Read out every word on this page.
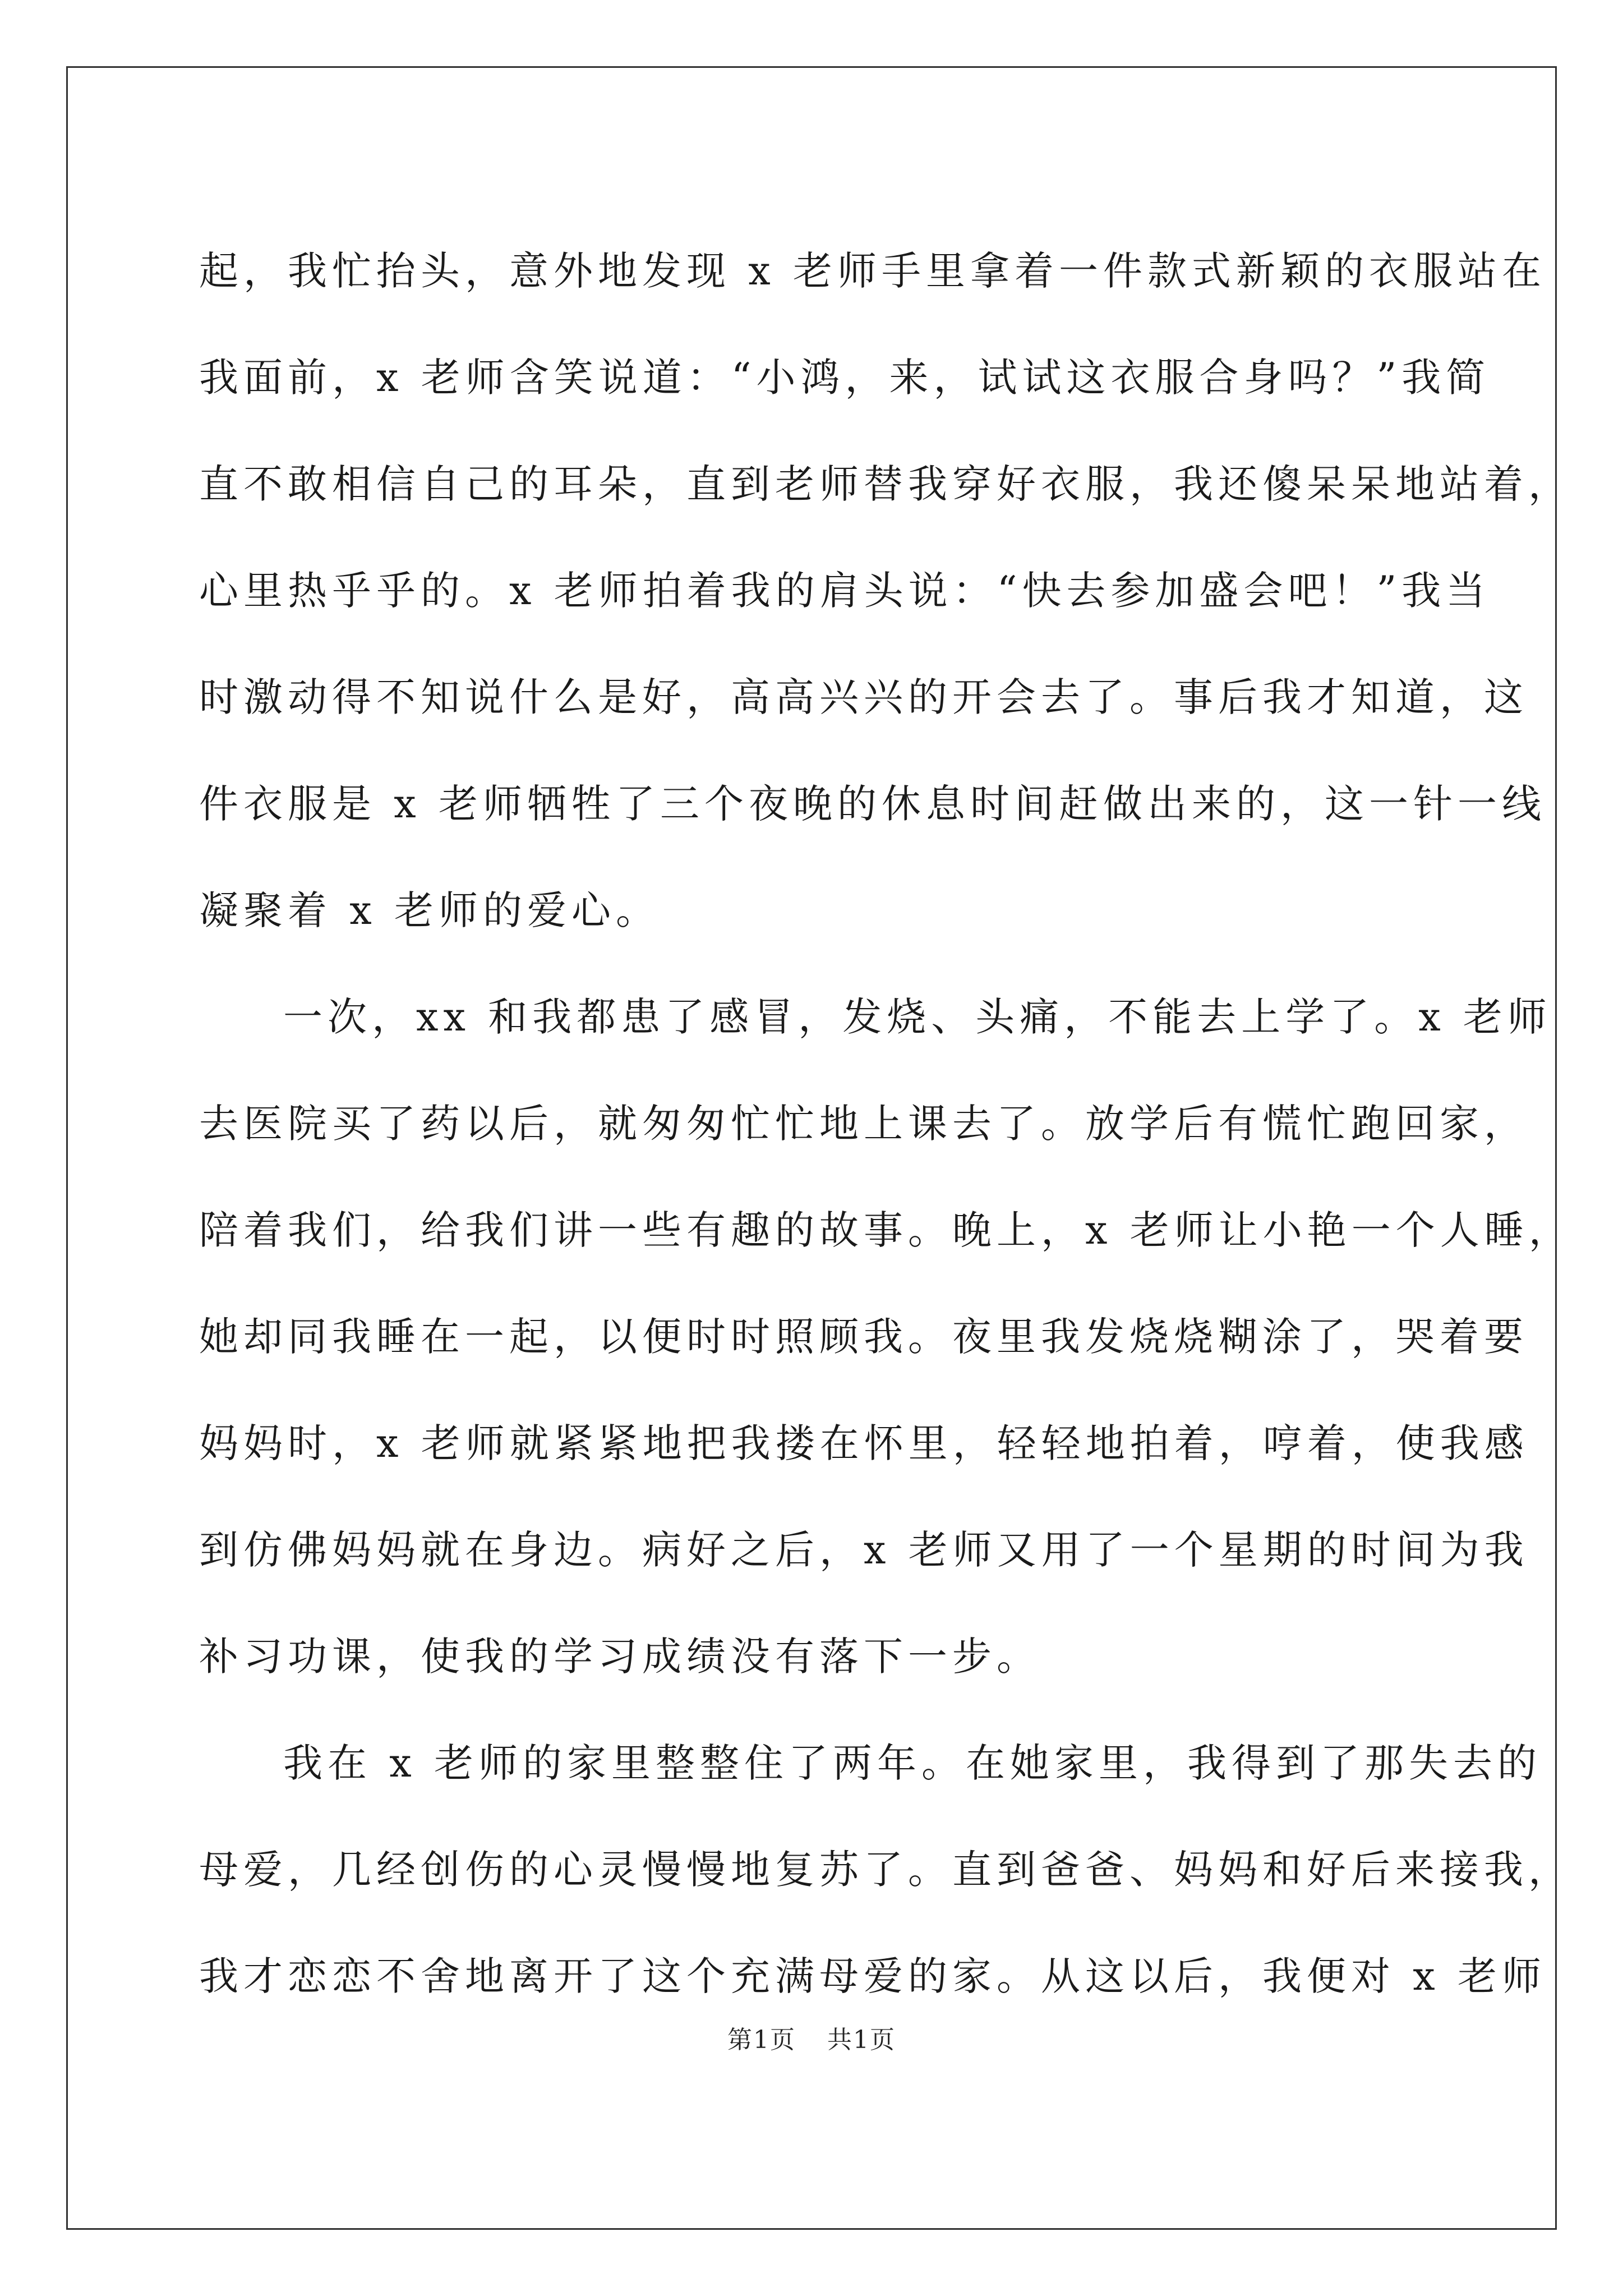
起，我忙抬头，意外地发现 x 老师手里拿着一件款式新颖的衣服站在
我面前，x 老师含笑说道：“小鸿，来，试试这衣服合身吗？”我简
直不敢相信自己的耳朵，直到老师替我穿好衣服，我还傻呆呆地站着，
心里热乎乎的。x 老师拍着我的肩头说：“快去参加盛会吧！”我当
时激动得不知说什么是好，高高兴兴的开会去了。事后我才知道，这
件衣服是 x 老师牺牲了三个夜晚的休息时间赶做出来的，这一针一线
凝聚着 x 老师的爱心。

一次，xx 和我都患了感冒，发烧、头痛，不能去上学了。x 老师
去医院买了药以后，就匆匆忙忙地上课去了。放学后有慌忙跑回家，
陪着我们，给我们讲一些有趣的故事。晚上，x 老师让小艳一个人睡，
她却同我睡在一起，以便时时照顾我。夜里我发烧烧糊涂了，哭着要
妈妈时，x 老师就紧紧地把我搂在怀里，轻轻地拍着，哼着，使我感
到仿佛妈妈就在身边。病好之后，x 老师又用了一个星期的时间为我
补习功课，使我的学习成绩没有落下一步。

我在 x 老师的家里整整住了两年。在她家里，我得到了那失去的
母爱，几经创伤的心灵慢慢地复苏了。直到爸爸、妈妈和好后来接我，
我才恋恋不舍地离开了这个充满母爱的家。从这以后，我便对 x 老师

第1页 共1页
